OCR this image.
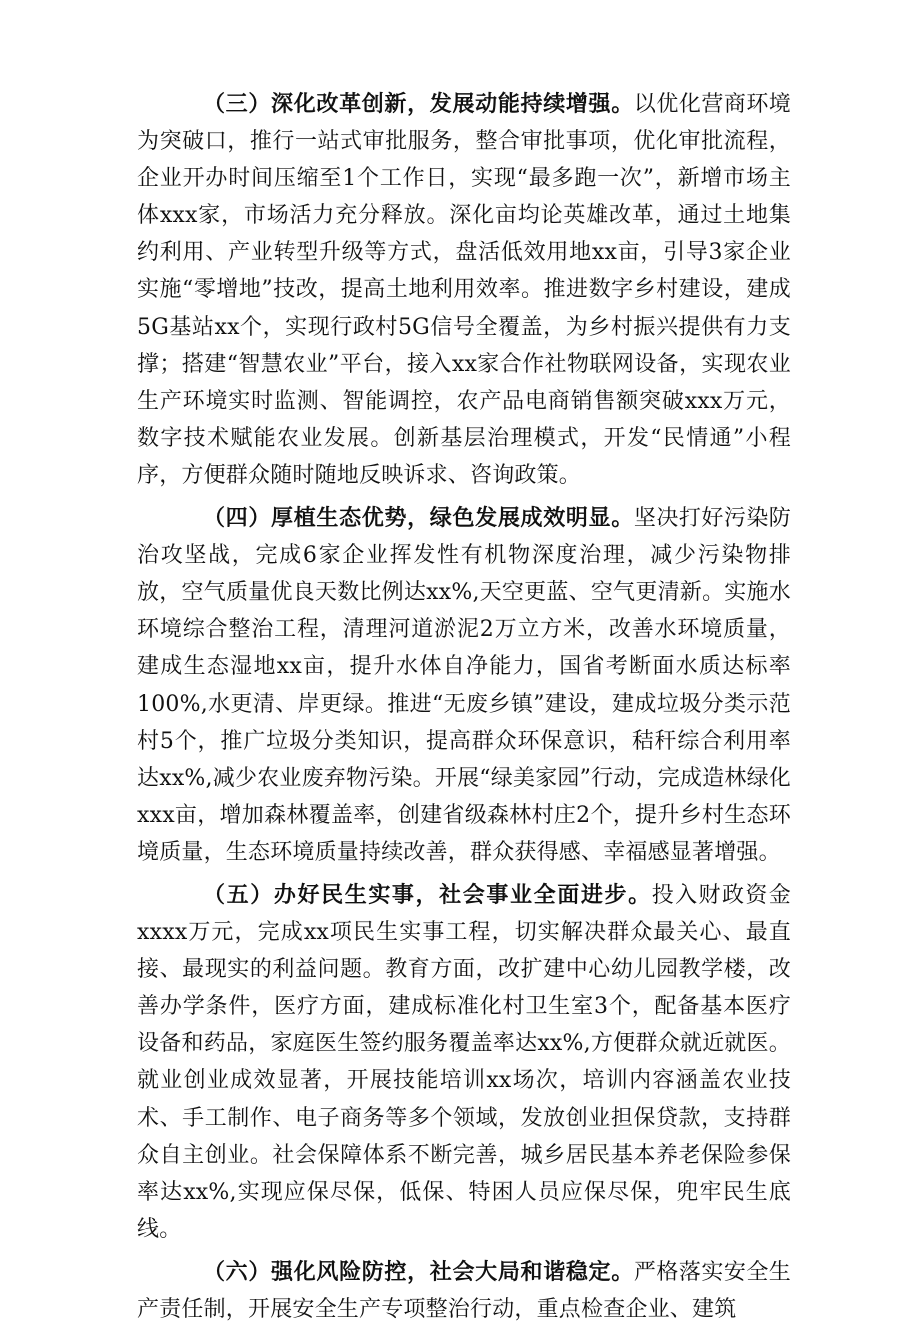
（三）深化改革创新，发展动能持续增强。以优化营商环境为突破口，推行一站式审批服务，整合审批事项，优化审批流程，企业开办时间压缩至1个工作日，实现“最多跑一次”，新增市场主体xxx家，市场活力充分释放。深化亩均论英雄改革，通过土地集约利用、产业转型升级等方式，盘活低效用地xx亩，引导3家企业实施“零增地”技改，提高土地利用效率。推进数字乡村建设，建成5G基站xx个，实现行政村5G信号全覆盖，为乡村振兴提供有力支撑；搭建“智慧农业”平台，接入xx家合作社物联网设备，实现农业生产环境实时监测、智能调控，农产品电商销售额突破xxx万元，数字技术赋能农业发展。创新基层治理模式，开发“民情通”小程序，方便群众随时随地反映诉求、咨询政策。

（四）厚植生态优势，绿色发展成效明显。坚决打好污染防治攻坚战，完成6家企业挥发性有机物深度治理，减少污染物排放，空气质量优良天数比例达xx%,天空更蓝、空气更清新。实施水环境综合整治工程，清理河道淤泥2万立方米，改善水环境质量，建成生态湿地xx亩，提升水体自净能力，国省考断面水质达标率100%,水更清、岸更绿。推进“无废乡镇”建设，建成垃圾分类示范村5个，推广垃圾分类知识，提高群众环保意识，秸秆综合利用率达xx%,减少农业废弃物污染。开展“绿美家园”行动，完成造林绿化xxx亩，增加森林覆盖率，创建省级森林村庄2个，提升乡村生态环境质量，生态环境质量持续改善，群众获得感、幸福感显著增强。

（五）办好民生实事，社会事业全面进步。投入财政资金xxxx万元，完成xx项民生实事工程，切实解决群众最关心、最直接、最现实的利益问题。教育方面，改扩建中心幼儿园教学楼，改善办学条件，医疗方面，建成标准化村卫生室3个，配备基本医疗设备和药品，家庭医生签约服务覆盖率达xx%,方便群众就近就医。就业创业成效显著，开展技能培训xx场次，培训内容涵盖农业技术、手工制作、电子商务等多个领域，发放创业担保贷款，支持群众自主创业。社会保障体系不断完善，城乡居民基本养老保险参保率达xx%,实现应保尽保，低保、特困人员应保尽保，兜牢民生底线。

（六）强化风险防控，社会大局和谐稳定。严格落实安全生产责任制，开展安全生产专项整治行动，重点检查企业、建筑
